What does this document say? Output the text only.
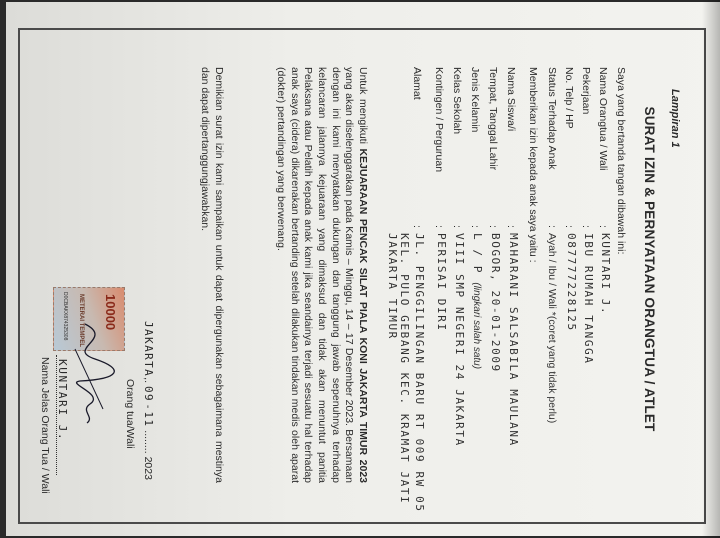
Lampiran 1
SURAT IZIN & PERNYATAAN ORANGTUA / ATLET
Saya yang bertanda tangan dibawah ini:
Nama Orangtua / Wali
:
KUNTARI J.
Pekerjaan
:
IBU RUMAH TANGGA
No. Telp / HP
:
087777228125
Status Terhadap Anak
:
Ayah / Ibu / Wali *(coret yang tidak perlu)
Memberikan izin kepada anak saya yaitu :
Nama Siswa/i
:
MAHARANI SALSABILA MAULANA
Tempat, Tanggal Lahir
:
BOGOR, 20-01-2009
Jenis Kelamin
:
L / P (lingkari salah satu)
Kelas Sekolah
:
VIII SMP NEGERI 24 JAKARTA
Kontingen / Perguruan
:
PERISAI DIRI
Alamat
:
JL. PENGGILINGAN BARU RT 009 RW 05
KEL. PULO GEBANG KEC. KRAMAT JATI
JAKARTA TIMUR
Untuk mengikuti KEJUARAAN PENCAK SILAT PIALA KONI JAKARTA TIMUR 2023 yang akan diselenggarakan pada Kamis – Minggu, 14 – 17 Desember 2023. Bersamaan dengan ini kami menyatakan dukungan dan tanggung jawab sepenuhnya terhadap kelancaran jalannya kejuaraan yang dimaksud dan tidak akan menuntut panitia Pelaksana atau Pelatih kepada anak kami jika seandainya terjadi sesuatu hal terhadap anak saya (cidera) dikarenakan bertanding setelah dilakukan tindakan medis oleh aparat (dokter) pertandingan yang berwenang.
Demikian surat izin kami sampaikan untuk dapat dipergunakan sebagaimana mestinya dan dapat dipertanggungjawabkan.
JAKARTA,. 09 - 11 ........ 2023
Orang tua/Wali
10000
METERAI TEMPEL
D0CBAKX874325308
KUNTARI J.
Nama Jelas Orang Tua / Wali
